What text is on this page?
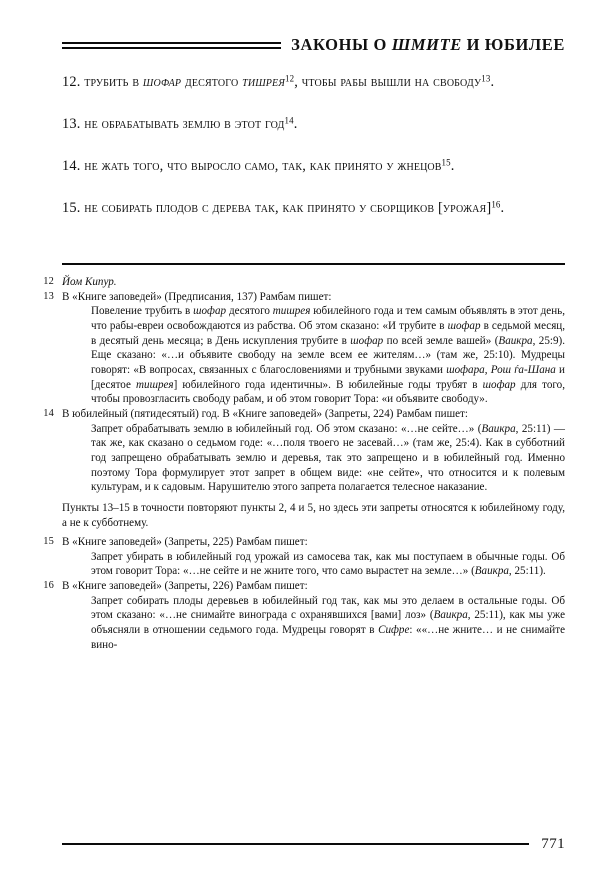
ЗАКОНЫ О ШМИТЕ И ЮБИЛЕЕ

12. трубить в шофар десятого тишрея$^{12}$, чтобы рабы вышли на свободу$^{13}$.

13. не обрабатывать землю в этот год$^{14}$.

14. не жать того, что выросло само, так, как принято у жнецов$^{15}$.

15. не собирать плодов с дерева так, как принято у сборщиков [урожая]$^{16}$.

12 Йом Кипур.

13 В «Книге заповедей» (Предписания, 137) Рамбам пишет:

Повеление трубить в шофар десятого тишрея юбилейного года и тем самым объявлять в этот день, что рабы-евреи освобождаются из рабства. Об этом сказано: «И трубите в шофар в седьмой месяц, в десятый день месяца; в День искупления трубите в шофар по всей земле вашей» (Ваикра, 25:9). Еще сказано: «…и объявите свободу на земле всем ее жителям…» (там же, 25:10). Мудрецы говорят: «В вопросах, связанных с благословениями и трубными звуками шофара, Рош ѓа-Шана и [десятое тишрея] юбилейного года идентичны». В юбилейные годы трубят в шофар для того, чтобы провозгласить свободу рабам, и об этом говорит Тора: «и объявите свободу».

14 В юбилейный (пятидесятый) год. В «Книге заповедей» (Запреты, 224) Рамбам пишет:

Запрет обрабатывать землю в юбилейный год. Об этом сказано: «…не сейте…» (Ваикра, 25:11) — так же, как сказано о седьмом годе: «…поля твоего не засевай…» (там же, 25:4). Как в субботний год запрещено обрабатывать землю и деревья, так это запрещено и в юбилейный год. Именно поэтому Тора формулирует этот запрет в общем виде: «не сейте», что относится и к полевым культурам, и к садовым. Нарушителю этого запрета полагается телесное наказание.

Пункты 13–15 в точности повторяют пункты 2, 4 и 5, но здесь эти запреты относятся к юбилейному году, а не к субботнему.

15 В «Книге заповедей» (Запреты, 225) Рамбам пишет:

Запрет убирать в юбилейный год урожай из самосева так, как мы поступаем в обычные годы. Об этом говорит Тора: «…не сейте и не жните того, что само вырастет на земле…» (Ваикра, 25:11).

16 В «Книге заповедей» (Запреты, 226) Рамбам пишет:

Запрет собирать плоды деревьев в юбилейный год так, как мы это делаем в остальные годы. Об этом сказано: «…не снимайте винограда с охранявшихся [вами] лоз» (Ваикра, 25:11), как мы уже объясняли в отношении седьмого года. Мудрецы говорят в Сифре: ««…не жните… и не снимайте вино-

771
